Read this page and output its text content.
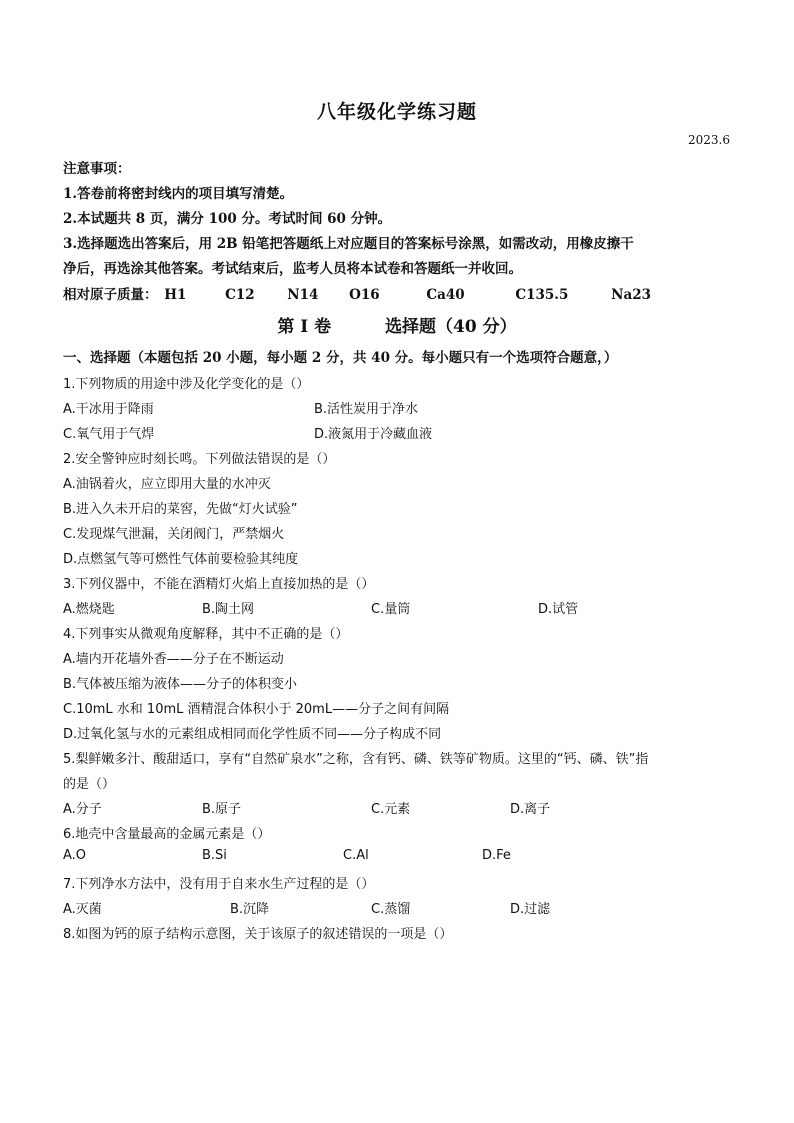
八年级化学练习题
2023.6
注意事项：
1.答卷前将密封线内的项目填写清楚。
2.本试题共 8 页，满分 100 分。考试时间 60 分钟。
3.选择题选出答案后，用 2B 铅笔把答题纸上对应题目的答案标号涂黑，如需改动，用橡皮擦干
净后，再选涂其他答案。考试结束后，监考人员将本试卷和答题纸一并收回。
相对原子质量： H1	C12 N14 O16	Ca40	C135.5	Na23
第 I 卷	选择题（40 分）
一、选择题（本题包括 20 小题，每小题 2 分，共 40 分。每小题只有一个选项符合题意，）
1.下列物质的用途中涉及化学变化的是（）
A.干冰用于降雨	B.活性炭用于净水
C.氧气用于气焊	D.液氮用于冷藏血液
2.安全警钟应时刻长鸣。下列做法错误的是（）
A.油锅着火，应立即用大量的水冲灭
B.进入久未开启的菜窖，先做“灯火试验”
C.发现煤气泄漏，关闭阀门，严禁烟火
D.点燃氢气等可燃性气体前要检验其纯度
3.下列仪器中，不能在酒精灯火焰上直接加热的是（）
A.燃烧匙	B.陶土网	C.量筒	D.试管
4.下列事实从微观角度解释，其中不正确的是（）
A.墙内开花墙外香——分子在不断运动
B.气体被压缩为液体——分子的体积变小
C.10mL 水和 10mL 酒精混合体积小于 20mL——分子之间有间隔
D.过氧化氢与水的元素组成相同而化学性质不同——分子构成不同
5.梨鲜嫩多汁、酸甜适口，享有“自然矿泉水”之称，含有钙、磷、铁等矿物质。这里的“钙、磷、铁”指
的是（）
A.分子	B.原子	C.元素	D.离子
6.地壳中含量最高的金属元素是（）
A.O	B.Si	C.Al	D.Fe
7.下列净水方法中，没有用于自来水生产过程的是（）
A.灭菌	B.沉降	C.蒸馏	D.过滤
8.如图为钙的原子结构示意图，关于该原子的叙述错误的一项是（）
